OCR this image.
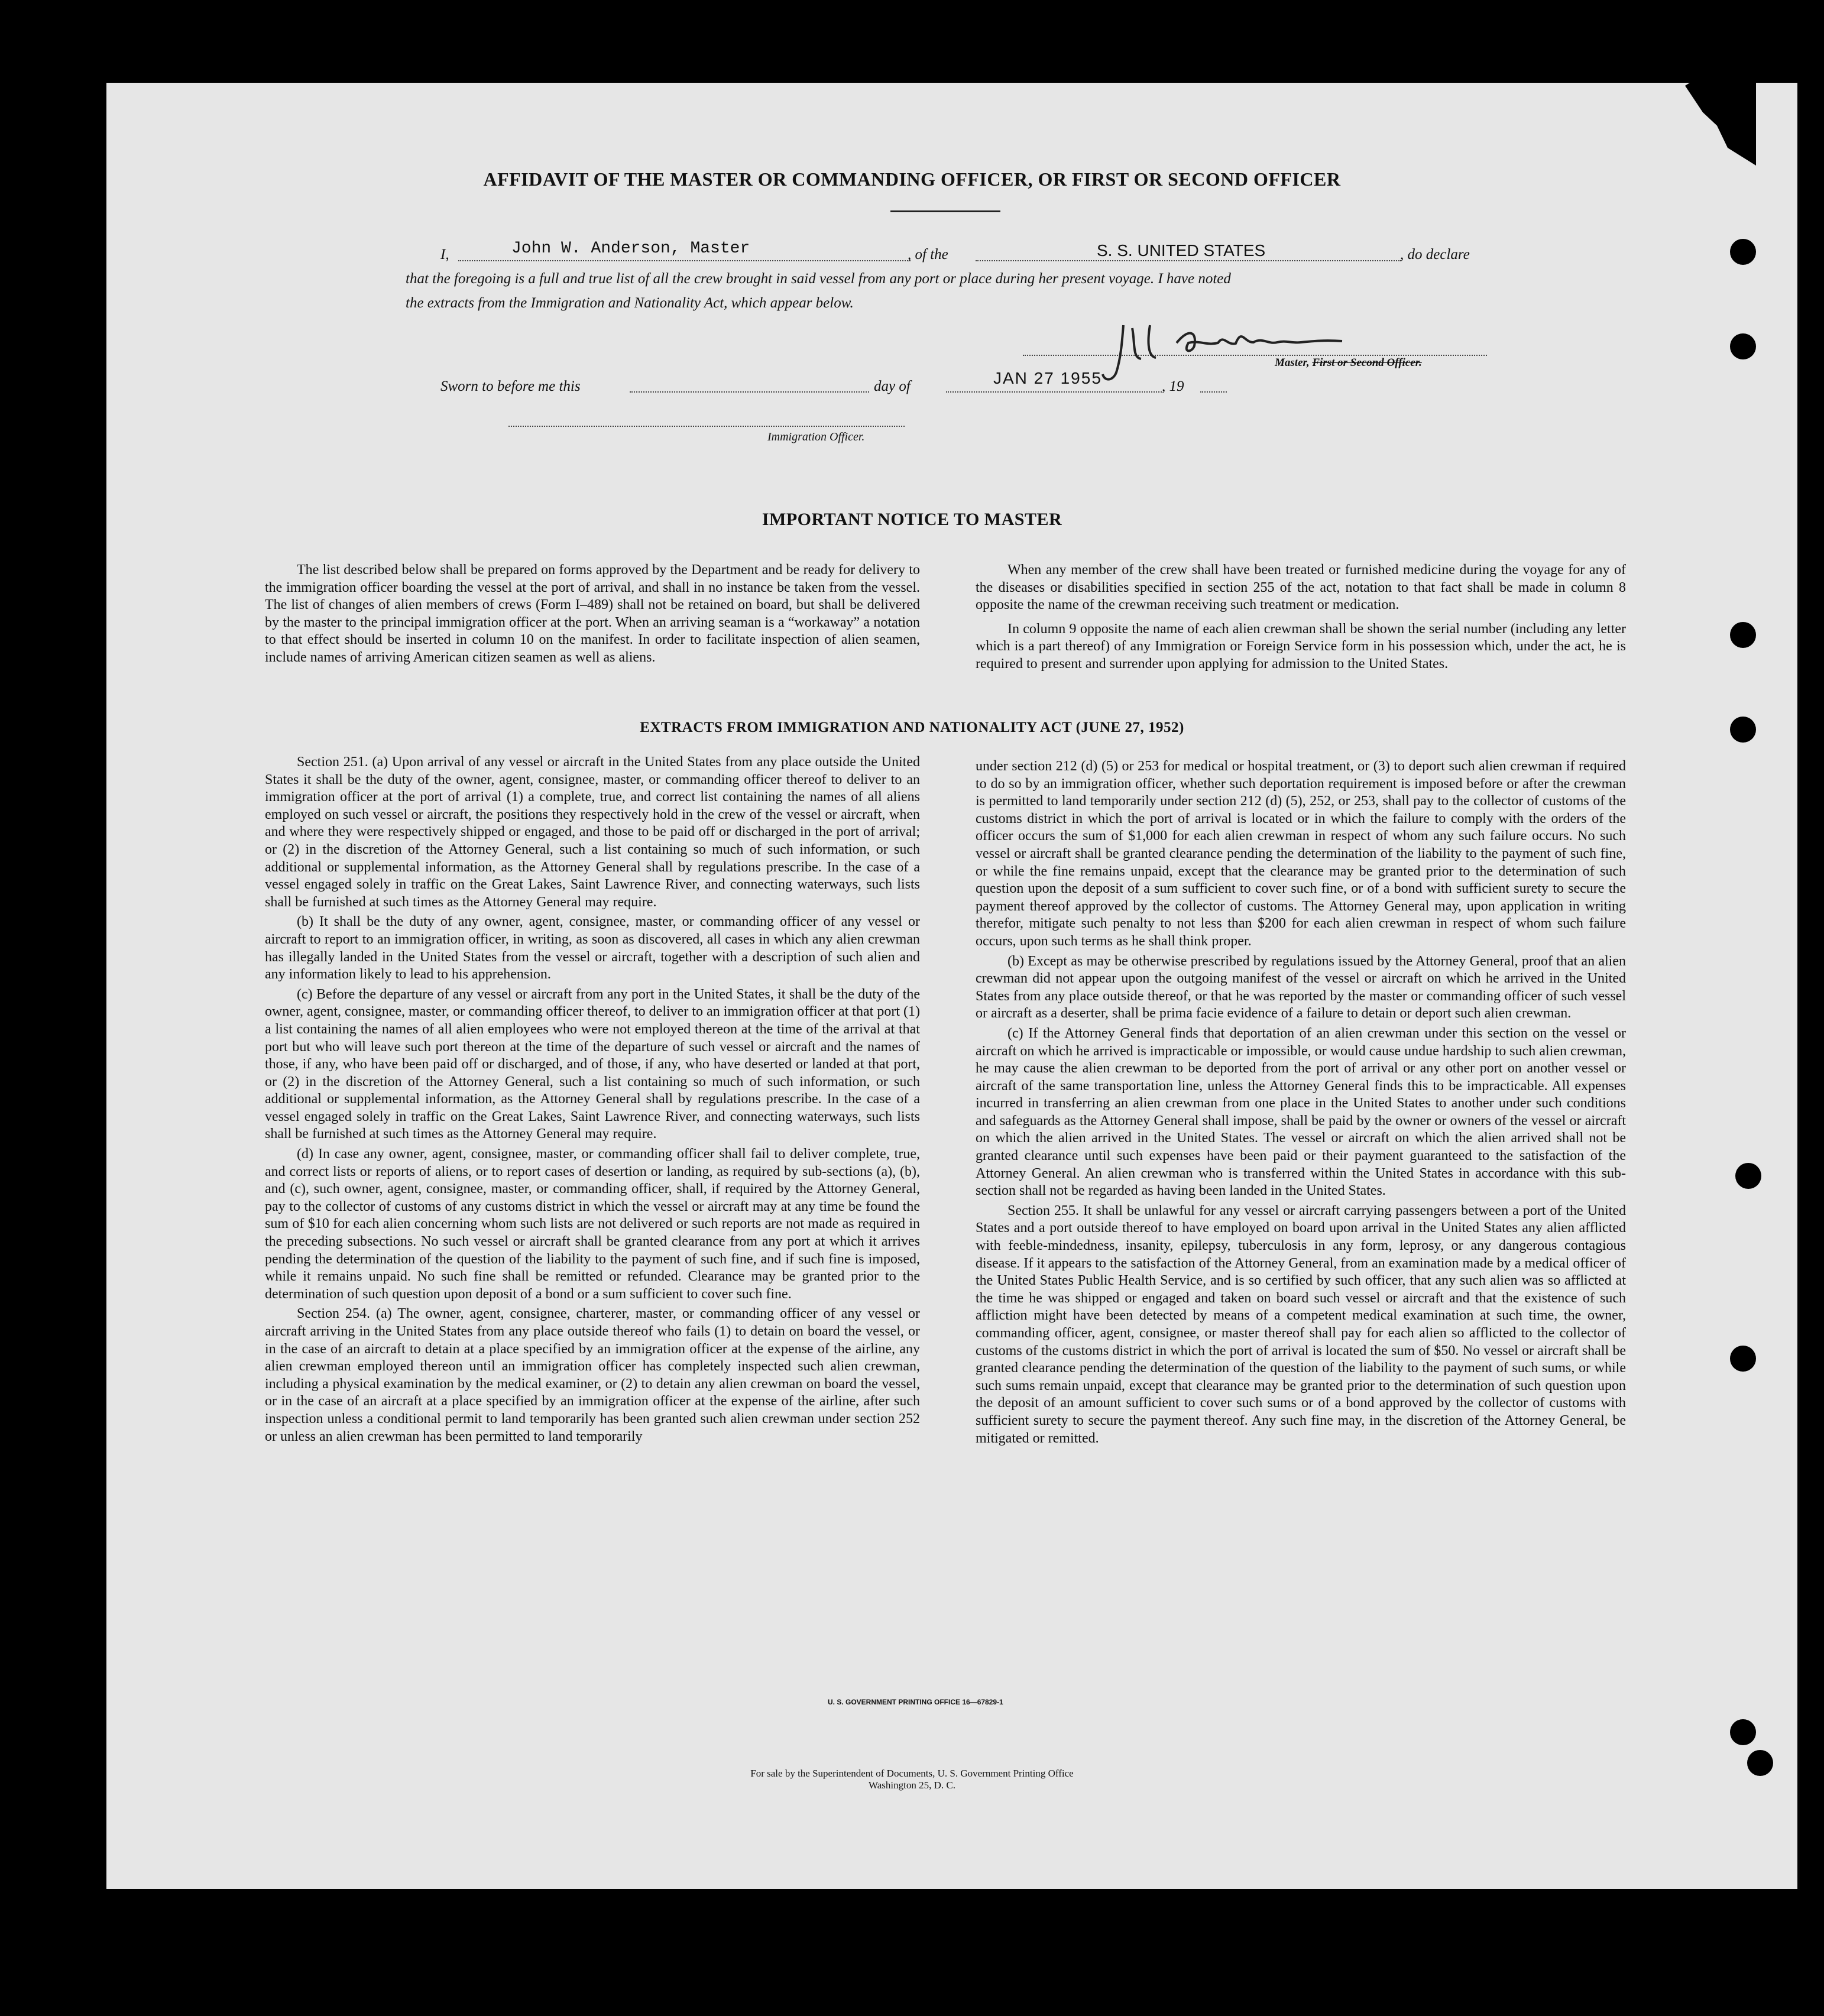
AFFIDAVIT OF THE MASTER OR COMMANDING OFFICER, OR FIRST OR SECOND OFFICER
I,	John W. Anderson, Master	, of the	S. S. UNITED STATES	, do declare
that the foregoing is a full and true list of all the crew brought in said vessel from any port or place during her present voyage. I have noted
the extracts from the Immigration and Nationality Act, which appear below.
Master, First or Second Officer.
Sworn to before me this	day of	JAN 27 1955	, 19
Immigration Officer.
IMPORTANT NOTICE TO MASTER

The list described below shall be prepared on forms approved by the Department and be ready for delivery to the immigration officer boarding the vessel at the port of arrival, and shall in no instance be taken from the vessel. The list of changes of alien members of crews (Form I–489) shall not be retained on board, but shall be delivered by the master to the principal immigration officer at the port. When an arriving seaman is a “workaway” a notation to that effect should be inserted in column 10 on the manifest. In order to facilitate inspection of alien seamen, include names of arriving American citizen seamen as well as aliens.

When any member of the crew shall have been treated or furnished medicine during the voyage for any of the diseases or disabilities specified in section 255 of the act, notation to that fact shall be made in column 8 opposite the name of the crewman receiving such treatment or medication.

In column 9 opposite the name of each alien crewman shall be shown the serial number (including any letter which is a part thereof) of any Immigration or Foreign Service form in his possession which, under the act, he is required to present and surrender upon applying for admission to the United States.

EXTRACTS FROM IMMIGRATION AND NATIONALITY ACT (JUNE 27, 1952)

Section 251. (a) Upon arrival of any vessel or aircraft in the United States from any place outside the United States it shall be the duty of the owner, agent, consignee, master, or commanding officer thereof to deliver to an immigration officer at the port of arrival (1) a complete, true, and correct list containing the names of all aliens employed on such vessel or aircraft, the positions they respectively hold in the crew of the vessel or aircraft, when and where they were respectively shipped or engaged, and those to be paid off or discharged in the port of arrival; or (2) in the discretion of the Attorney General, such a list containing so much of such information, or such additional or supplemental information, as the Attorney General shall by regulations prescribe. In the case of a vessel engaged solely in traffic on the Great Lakes, Saint Lawrence River, and connecting waterways, such lists shall be furnished at such times as the Attorney General may require.

(b) It shall be the duty of any owner, agent, consignee, master, or commanding officer of any vessel or aircraft to report to an immigration officer, in writing, as soon as discovered, all cases in which any alien crewman has illegally landed in the United States from the vessel or aircraft, together with a description of such alien and any information likely to lead to his apprehension.

(c) Before the departure of any vessel or aircraft from any port in the United States, it shall be the duty of the owner, agent, consignee, master, or commanding officer thereof, to deliver to an immigration officer at that port (1) a list containing the names of all alien employees who were not employed thereon at the time of the arrival at that port but who will leave such port thereon at the time of the departure of such vessel or aircraft and the names of those, if any, who have been paid off or discharged, and of those, if any, who have deserted or landed at that port, or (2) in the discretion of the Attorney General, such a list containing so much of such information, or such additional or supplemental information, as the Attorney General shall by regulations prescribe. In the case of a vessel engaged solely in traffic on the Great Lakes, Saint Lawrence River, and connecting waterways, such lists shall be furnished at such times as the Attorney General may require.

(d) In case any owner, agent, consignee, master, or commanding officer shall fail to deliver complete, true, and correct lists or reports of aliens, or to report cases of desertion or landing, as required by sub-sections (a), (b), and (c), such owner, agent, consignee, master, or commanding officer, shall, if required by the Attorney General, pay to the collector of customs of any customs district in which the vessel or aircraft may at any time be found the sum of $10 for each alien concerning whom such lists are not delivered or such reports are not made as required in the preceding subsections. No such vessel or aircraft shall be granted clearance from any port at which it arrives pending the determination of the question of the liability to the payment of such fine, and if such fine is imposed, while it remains unpaid. No such fine shall be remitted or refunded. Clearance may be granted prior to the determination of such question upon deposit of a bond or a sum sufficient to cover such fine.

Section 254. (a) The owner, agent, consignee, charterer, master, or commanding officer of any vessel or aircraft arriving in the United States from any place outside thereof who fails (1) to detain on board the vessel, or in the case of an aircraft to detain at a place specified by an immigration officer at the expense of the airline, any alien crewman employed thereon until an immigration officer has completely inspected such alien crewman, including a physical examination by the medical examiner, or (2) to detain any alien crewman on board the vessel, or in the case of an aircraft at a place specified by an immigration officer at the expense of the airline, after such inspection unless a conditional permit to land temporarily has been granted such alien crewman under section 252 or unless an alien crewman has been permitted to land temporarily

under section 212 (d) (5) or 253 for medical or hospital treatment, or (3) to deport such alien crewman if required to do so by an immigration officer, whether such deportation requirement is imposed before or after the crewman is permitted to land temporarily under section 212 (d) (5), 252, or 253, shall pay to the collector of customs of the customs district in which the port of arrival is located or in which the failure to comply with the orders of the officer occurs the sum of $1,000 for each alien crewman in respect of whom any such failure occurs. No such vessel or aircraft shall be granted clearance pending the determination of the liability to the payment of such fine, or while the fine remains unpaid, except that the clearance may be granted prior to the determination of such question upon the deposit of a sum sufficient to cover such fine, or of a bond with sufficient surety to secure the payment thereof approved by the collector of customs. The Attorney General may, upon application in writing therefor, mitigate such penalty to not less than $200 for each alien crewman in respect of whom such failure occurs, upon such terms as he shall think proper.

(b) Except as may be otherwise prescribed by regulations issued by the Attorney General, proof that an alien crewman did not appear upon the outgoing manifest of the vessel or aircraft on which he arrived in the United States from any place outside thereof, or that he was reported by the master or commanding officer of such vessel or aircraft as a deserter, shall be prima facie evidence of a failure to detain or deport such alien crewman.

(c) If the Attorney General finds that deportation of an alien crewman under this section on the vessel or aircraft on which he arrived is impracticable or impossible, or would cause undue hardship to such alien crewman, he may cause the alien crewman to be deported from the port of arrival or any other port on another vessel or aircraft of the same transportation line, unless the Attorney General finds this to be impracticable. All expenses incurred in transferring an alien crewman from one place in the United States to another under such conditions and safeguards as the Attorney General shall impose, shall be paid by the owner or owners of the vessel or aircraft on which the alien arrived in the United States. The vessel or aircraft on which the alien arrived shall not be granted clearance until such expenses have been paid or their payment guaranteed to the satisfaction of the Attorney General. An alien crewman who is transferred within the United States in accordance with this sub-section shall not be regarded as having been landed in the United States.

Section 255. It shall be unlawful for any vessel or aircraft carrying passengers between a port of the United States and a port outside thereof to have employed on board upon arrival in the United States any alien afflicted with feeble-mindedness, insanity, epilepsy, tuberculosis in any form, leprosy, or any dangerous contagious disease. If it appears to the satisfaction of the Attorney General, from an examination made by a medical officer of the United States Public Health Service, and is so certified by such officer, that any such alien was so afflicted at the time he was shipped or engaged and taken on board such vessel or aircraft and that the existence of such affliction might have been detected by means of a competent medical examination at such time, the owner, commanding officer, agent, consignee, or master thereof shall pay for each alien so afflicted to the collector of customs of the customs district in which the port of arrival is located the sum of $50. No vessel or aircraft shall be granted clearance pending the determination of the question of the liability to the payment of such sums, or while such sums remain unpaid, except that clearance may be granted prior to the determination of such question upon the deposit of an amount sufficient to cover such sums or of a bond approved by the collector of customs with sufficient surety to secure the payment thereof. Any such fine may, in the discretion of the Attorney General, be mitigated or remitted.

U. S. GOVERNMENT PRINTING OFFICE 16—67829-1
For sale by the Superintendent of Documents, U. S. Government Printing Office
Washington 25, D. C.
